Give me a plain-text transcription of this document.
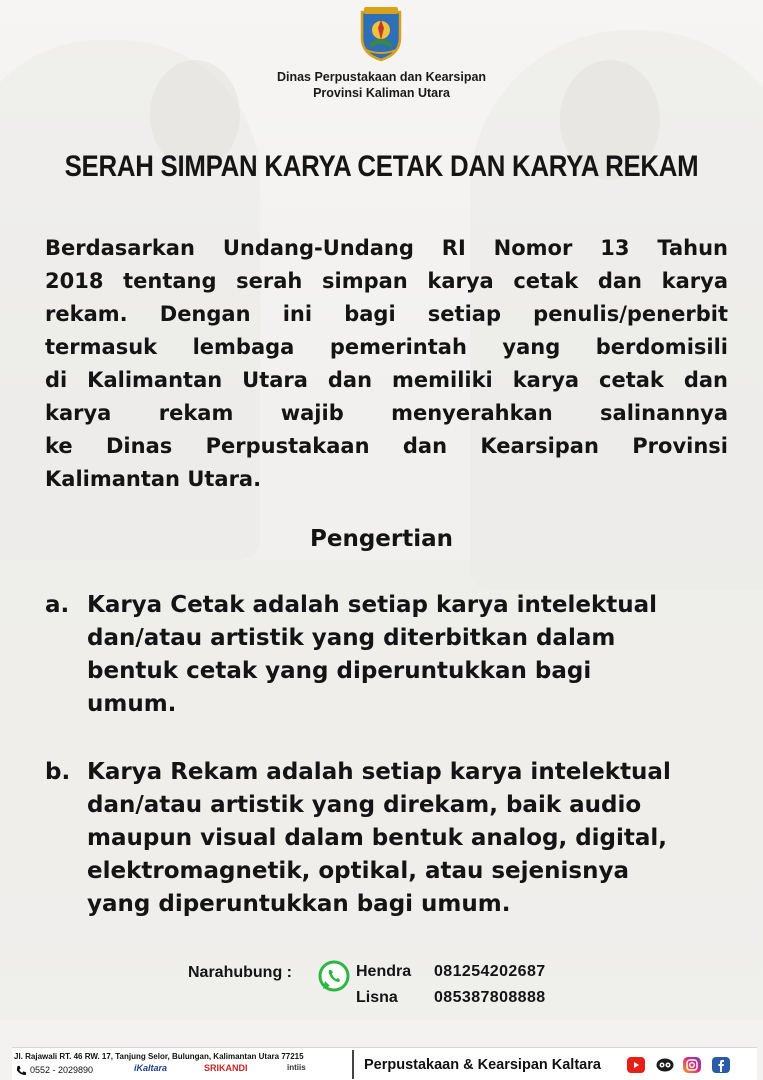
Dinas Perpustakaan dan Kearsipan
Provinsi Kaliman Utara
SERAH SIMPAN KARYA CETAK DAN KARYA REKAM
Berdasarkan Undang-Undang RI Nomor 13 Tahun
2018 tentang serah simpan karya cetak dan karya
rekam. Dengan ini bagi setiap penulis/penerbit
termasuk lembaga pemerintah yang berdomisili
di Kalimantan Utara dan memiliki karya cetak dan
karya rekam wajib menyerahkan salinannya
ke Dinas Perpustakaan dan Kearsipan Provinsi
Kalimantan Utara.
Pengertian
a. Karya Cetak adalah setiap karya intelektual
dan/atau artistik yang diterbitkan dalam
bentuk cetak yang diperuntukkan bagi
umum.
b. Karya Rekam adalah setiap karya intelektual
dan/atau artistik yang direkam, baik audio
maupun visual dalam bentuk analog, digital,
elektromagnetik, optikal, atau sejenisnya
yang diperuntukkan bagi umum.
Narahubung :	Hendra 081254202687
Lisna 085387808888
Jl. Rajawali RT. 46 RW. 17, Tanjung Selor, Bulungan, Kalimantan Utara 77215
0552 - 2029890	iKaltara	SRIKANDI	intiis	Perpustakaan & Kearsipan Kaltara
